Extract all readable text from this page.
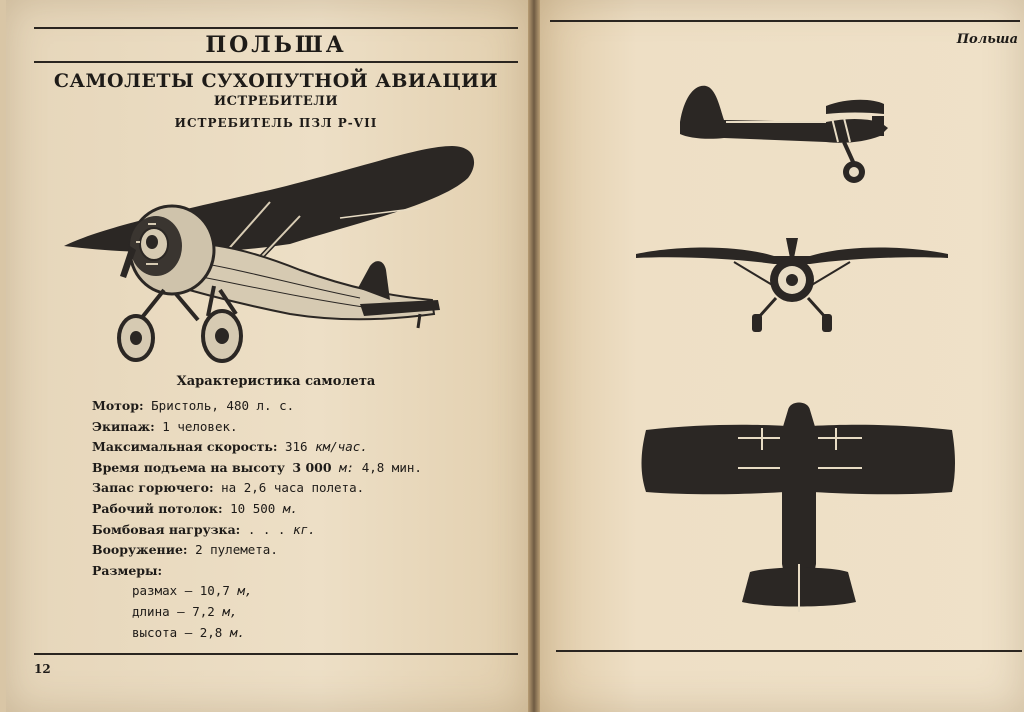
ПОЛЬША
САМОЛЕТЫ СУХОПУТНОЙ АВИАЦИИ
ИСТРЕБИТЕЛИ
ИСТРЕБИТЕЛЬ ПЗЛ Р-VII
Характеристика самолета
Мотор: Бристоль, 480 л. с.
Экипаж: 1 человек.
Максимальная скорость: 316 км/час.
Время подъема на высоту 3 000 м: 4,8 мин.
Запас горючего: на 2,6 часа полета.
Рабочий потолок: 10 500 м.
Бомбовая нагрузка: . . . кг.
Вооружение: 2 пулемета.
Размеры:
размах — 10,7 м,
длина — 7,2 м,
высота — 2,8 м.
12
Польша
